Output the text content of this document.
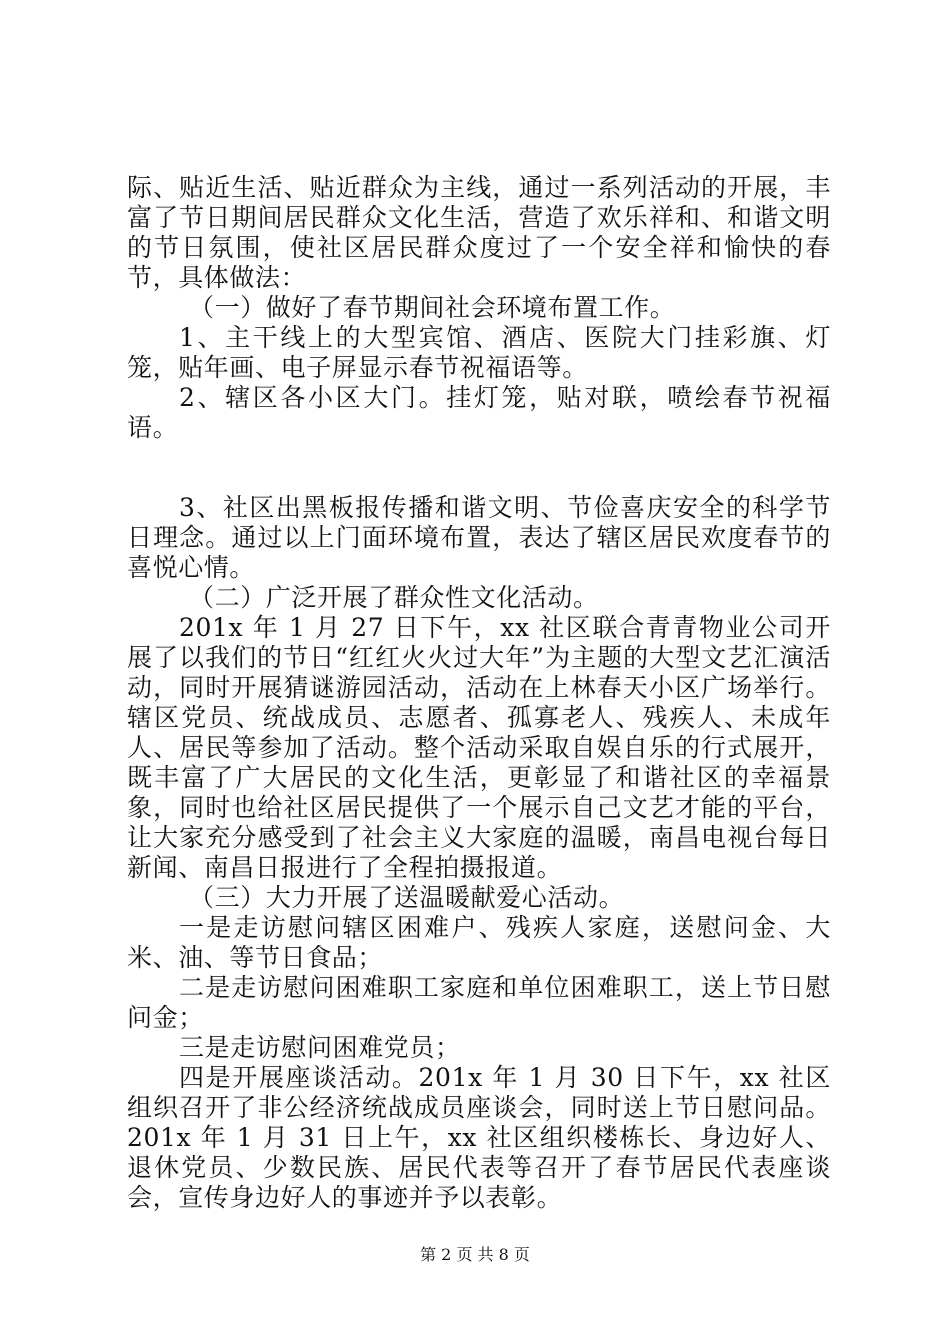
际、贴近生活、贴近群众为主线，通过一系列活动的开展，丰富了节日期间居民群众文化生活，营造了欢乐祥和、和谐文明的节日氛围，使社区居民群众度过了一个安全祥和愉快的春节，具体做法：

（一）做好了春节期间社会环境布置工作。

1、主干线上的大型宾馆、酒店、医院大门挂彩旗、灯笼，贴年画、电子屏显示春节祝福语等。

2、辖区各小区大门。挂灯笼，贴对联，喷绘春节祝福语。

3、社区出黑板报传播和谐文明、节俭喜庆安全的科学节日理念。通过以上门面环境布置，表达了辖区居民欢度春节的喜悦心情。

（二）广泛开展了群众性文化活动。

201x 年 1 月 27 日下午，xx 社区联合青青物业公司开展了以我们的节日“红红火火过大年”为主题的大型文艺汇演活动，同时开展猜谜游园活动，活动在上林春天小区广场举行。辖区党员、统战成员、志愿者、孤寡老人、残疾人、未成年人、居民等参加了活动。整个活动采取自娱自乐的行式展开，既丰富了广大居民的文化生活，更彰显了和谐社区的幸福景象，同时也给社区居民提供了一个展示自己文艺才能的平台，让大家充分感受到了社会主义大家庭的温暖，南昌电视台每日新闻、南昌日报进行了全程拍摄报道。

（三）大力开展了送温暖献爱心活动。

一是走访慰问辖区困难户、残疾人家庭，送慰问金、大米、油、等节日食品；

二是走访慰问困难职工家庭和单位困难职工，送上节日慰问金；

三是走访慰问困难党员；

四是开展座谈活动。201x 年 1 月 30 日下午，xx 社区组织召开了非公经济统战成员座谈会，同时送上节日慰问品。201x 年 1 月 31 日上午，xx 社区组织楼栋长、身边好人、退休党员、少数民族、居民代表等召开了春节居民代表座谈会，宣传身边好人的事迹并予以表彰。

第 2 页 共 8 页
